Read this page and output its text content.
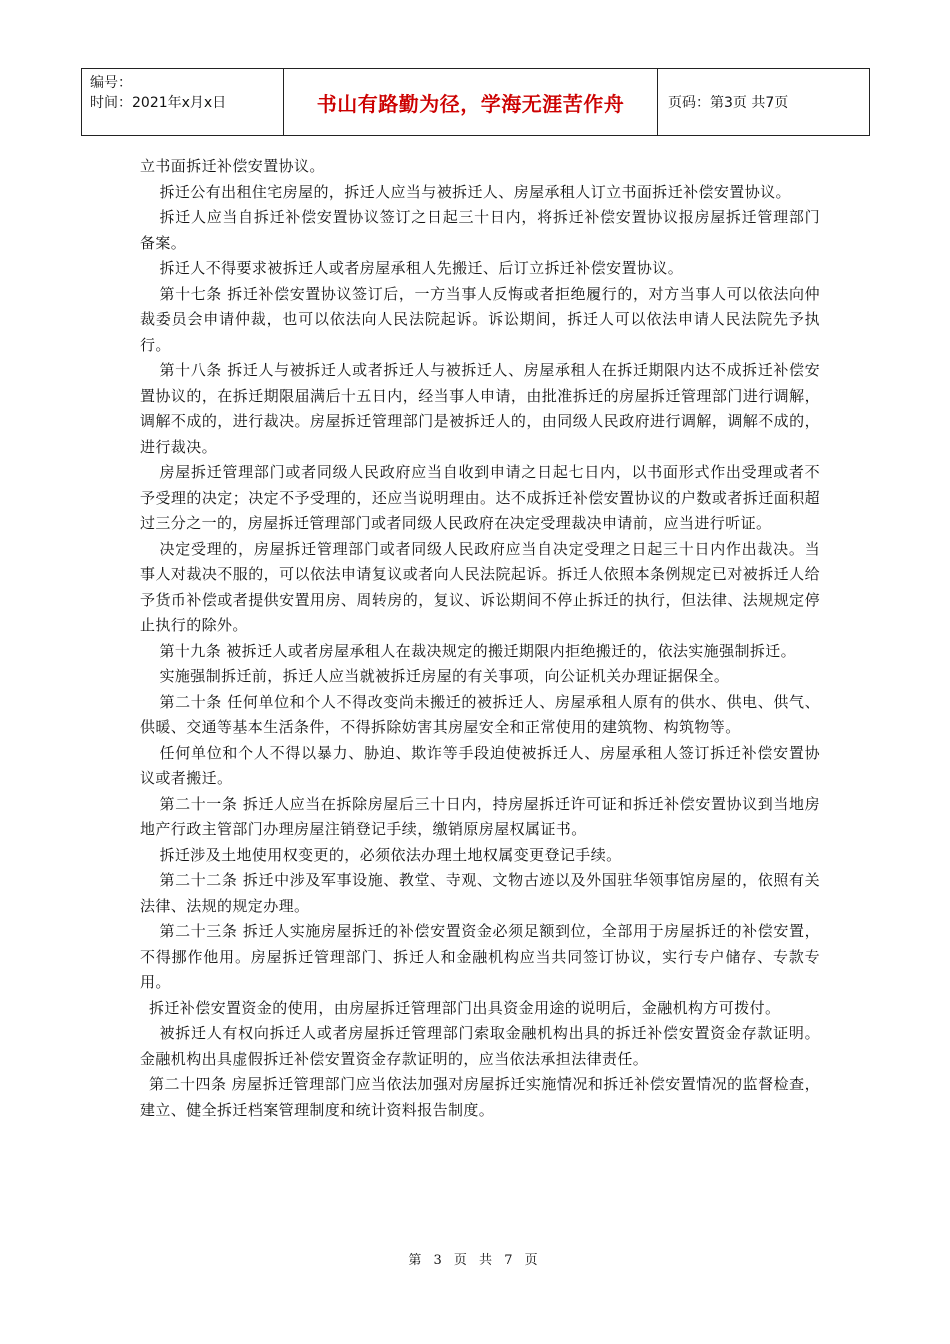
编号：
时间：2021年x月x日	书山有路勤为径，学海无涯苦作舟	页码：第3页 共7页

立书面拆迁补偿安置协议。

拆迁公有出租住宅房屋的，拆迁人应当与被拆迁人、房屋承租人订立书面拆迁补偿安置协议。

拆迁人应当自拆迁补偿安置协议签订之日起三十日内，将拆迁补偿安置协议报房屋拆迁管理部门备案。

拆迁人不得要求被拆迁人或者房屋承租人先搬迁、后订立拆迁补偿安置协议。

第十七条 拆迁补偿安置协议签订后，一方当事人反悔或者拒绝履行的，对方当事人可以依法向仲裁委员会申请仲裁，也可以依法向人民法院起诉。诉讼期间，拆迁人可以依法申请人民法院先予执行。

第十八条 拆迁人与被拆迁人或者拆迁人与被拆迁人、房屋承租人在拆迁期限内达不成拆迁补偿安置协议的，在拆迁期限届满后十五日内，经当事人申请，由批准拆迁的房屋拆迁管理部门进行调解，调解不成的，进行裁决。房屋拆迁管理部门是被拆迁人的，由同级人民政府进行调解，调解不成的，进行裁决。

房屋拆迁管理部门或者同级人民政府应当自收到申请之日起七日内，以书面形式作出受理或者不予受理的决定；决定不予受理的，还应当说明理由。达不成拆迁补偿安置协议的户数或者拆迁面积超过三分之一的，房屋拆迁管理部门或者同级人民政府在决定受理裁决申请前，应当进行听证。

决定受理的，房屋拆迁管理部门或者同级人民政府应当自决定受理之日起三十日内作出裁决。当事人对裁决不服的，可以依法申请复议或者向人民法院起诉。拆迁人依照本条例规定已对被拆迁人给予货币补偿或者提供安置用房、周转房的，复议、诉讼期间不停止拆迁的执行，但法律、法规规定停止执行的除外。

第十九条 被拆迁人或者房屋承租人在裁决规定的搬迁期限内拒绝搬迁的，依法实施强制拆迁。

实施强制拆迁前，拆迁人应当就被拆迁房屋的有关事项，向公证机关办理证据保全。

第二十条 任何单位和个人不得改变尚未搬迁的被拆迁人、房屋承租人原有的供水、供电、供气、供暖、交通等基本生活条件，不得拆除妨害其房屋安全和正常使用的建筑物、构筑物等。

任何单位和个人不得以暴力、胁迫、欺诈等手段迫使被拆迁人、房屋承租人签订拆迁补偿安置协议或者搬迁。

第二十一条 拆迁人应当在拆除房屋后三十日内，持房屋拆迁许可证和拆迁补偿安置协议到当地房地产行政主管部门办理房屋注销登记手续，缴销原房屋权属证书。

拆迁涉及土地使用权变更的，必须依法办理土地权属变更登记手续。

第二十二条 拆迁中涉及军事设施、教堂、寺观、文物古迹以及外国驻华领事馆房屋的，依照有关法律、法规的规定办理。

第二十三条 拆迁人实施房屋拆迁的补偿安置资金必须足额到位，全部用于房屋拆迁的补偿安置，不得挪作他用。房屋拆迁管理部门、拆迁人和金融机构应当共同签订协议，实行专户储存、专款专用。

拆迁补偿安置资金的使用，由房屋拆迁管理部门出具资金用途的说明后，金融机构方可拨付。

被拆迁人有权向拆迁人或者房屋拆迁管理部门索取金融机构出具的拆迁补偿安置资金存款证明。金融机构出具虚假拆迁补偿安置资金存款证明的，应当依法承担法律责任。

第二十四条 房屋拆迁管理部门应当依法加强对房屋拆迁实施情况和拆迁补偿安置情况的监督检查，建立、健全拆迁档案管理制度和统计资料报告制度。

第 3 页 共 7 页
